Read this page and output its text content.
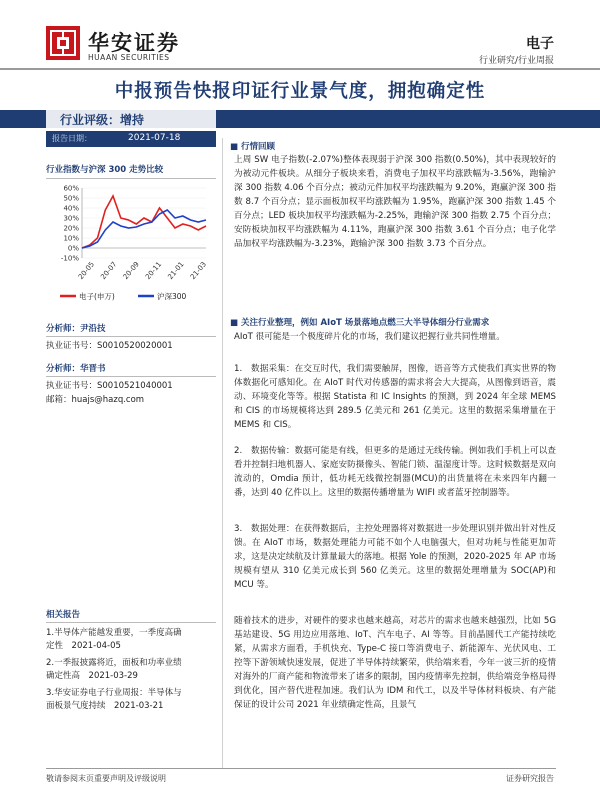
华安证券
HUAAN SECURITIES
电子
行业研究/行业周报
中报预告快报印证行业景气度，拥抱确定性
行业评级：增持
报告日期：	2021-07-18
行业指数与沪深 300 走势比较
60%
50%
40%
30%
20%
10%
0%
-10%
20-05 20-07 20-09 20-11 21-01 21-03
电子(申万)	沪深300
分析师：尹沿技
执业证书号：S0010520020001
分析师：华晋书
执业证书号：S0010521040001
邮箱：huajs@hazq.com
相关报告
1.半导体产能越发重要，一季度高确
定性　 2021-04-05
2.一季报披露将近，面板和功率业绩
确定性高　 2021-03-29
3.华安证券电子行业周报：半导体与
面板景气度持续　 2021-03-21
■ 行情回顾

上周 SW 电子指数(-2.07%)整体表现弱于沪深 300 指数(0.50%)，其中表现较好的为被动元件板块。从细分子板块来看，消费电子加权平均涨跌幅为-3.56%，跑输沪深 300 指数 4.06 个百分点；被动元件加权平均涨跌幅为 9.20%，跑赢沪深 300 指数 8.7 个百分点；显示面板加权平均涨跌幅为 1.95%，跑赢沪深 300 指数 1.45 个百分点；LED 板块加权平均涨跌幅为-2.25%，跑输沪深 300 指数 2.75 个百分点；安防板块加权平均涨跌幅为 4.11%，跑赢沪深 300 指数 3.61 个百分点；电子化学品加权平均涨跌幅为-3.23%，跑输沪深 300 指数 3.73 个百分点。

■ 关注行业整理，例如 AIoT 场景落地点燃三大半导体细分行业需求

AIoT 很可能是一个极度碎片化的市场，我们建议把握行业共同性增量。

1.　数据采集：在交互时代，我们需要触屏，图像，语音等方式使我们真实世界的物体数据化可感知化。在 AIoT 时代对传感器的需求将会大大提高，从图像到语音，震动、环境变化等等。根据 Statista 和 IC Insights 的预测，到 2024 年全球 MEMS 和 CIS 的市场规模将达到 289.5 亿美元和 261 亿美元。这里的数据采集增量在于 MEMS 和 CIS。

2.　数据传输：数据可能是有线，但更多的是通过无线传输。例如我们手机上可以查看并控制扫地机器人、家庭安防摄像头、智能门锁、温湿度计等。这时候数据是双向流动的，Omdia 预计，低功耗无线微控制器(MCU)的出货量将在未来四年内翻一番，达到 40 亿件以上。这里的数据传播增量为 WIFI 或者蓝牙控制器等。

3.　数据处理：在获得数据后，主控处理器将对数据进一步处理识别并做出针对性反馈。在 AIoT 市场，数据处理能力可能不如个人电脑强大，但对功耗与性能更加苛求，这是决定续航及计算量最大的落地。根据 Yole 的预测，2020-2025 年 AP 市场规模有望从 310 亿美元成长到 560 亿美元。这里的数据处理增量为 SOC(AP)和 MCU 等。

随着技术的进步，对硬件的要求也越来越高，对芯片的需求也越来越强烈，比如 5G 基站建设、5G 用边应用落地、IoT、汽车电子、AI 等等。目前晶圆代工产能持续吃紧，从需求方面看，手机快充、Type-C 接口等消费电子、新能源车、光伏风电、工控等下游领域快速发展，促进了半导体持续繁荣，供给端来看，今年一波三折的疫情对海外的厂商产能和物流带来了诸多的限制，国内疫情率先控制，供给端竞争格局得到优化，国产替代进程加速。我们认为 IDM 和代工，以及半导体材料板块、有产能保证的设计公司 2021 年业绩确定性高，且景气

敬请参阅末页重要声明及评级说明	证券研究报告
